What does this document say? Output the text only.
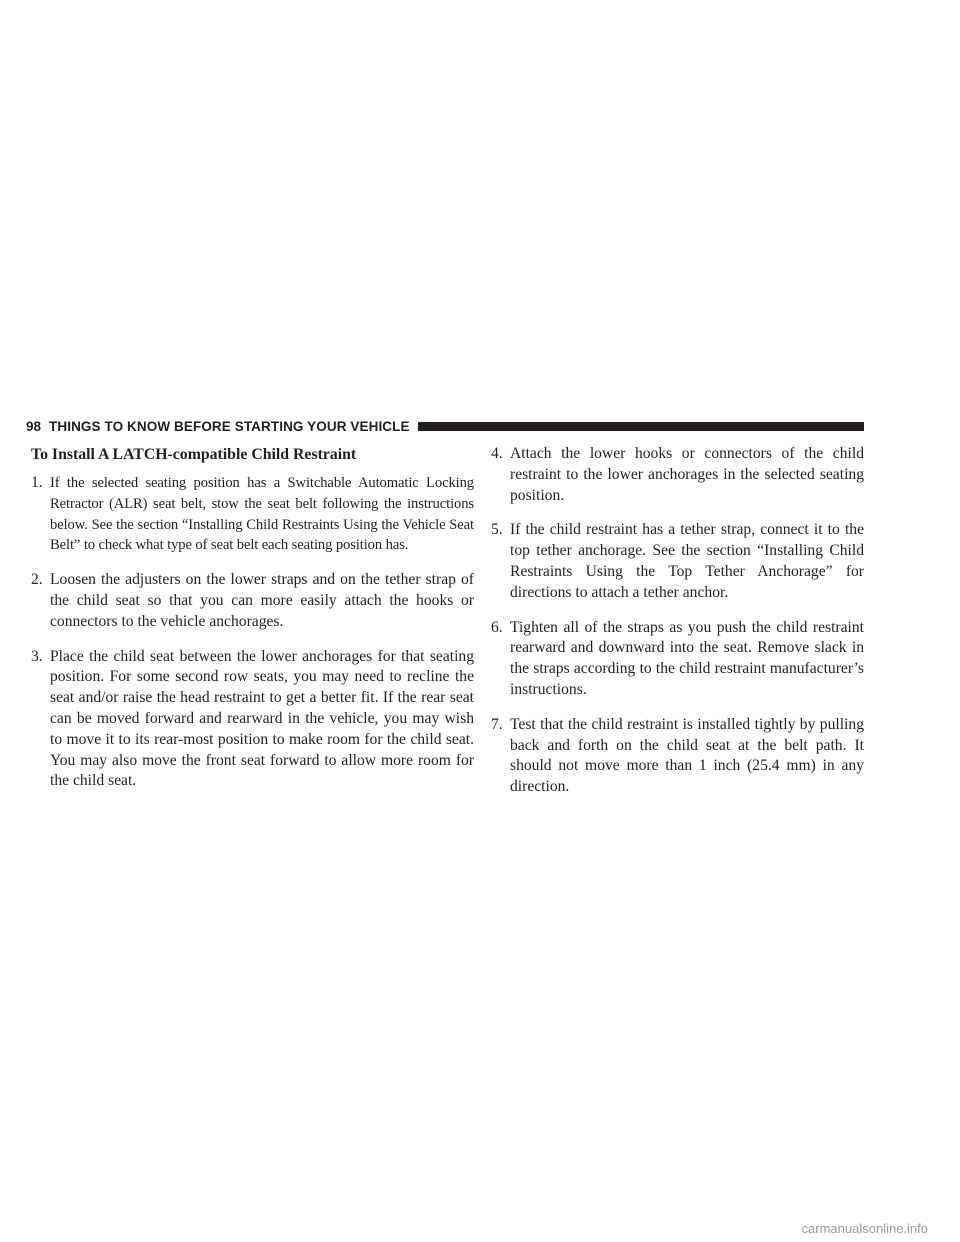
98 THINGS TO KNOW BEFORE STARTING YOUR VEHICLE
To Install A LATCH-compatible Child Restraint
1. If the selected seating position has a Switchable Automatic Locking Retractor (ALR) seat belt, stow the seat belt following the instructions below. See the section “Installing Child Restraints Using the Vehicle Seat Belt” to check what type of seat belt each seating position has.
2. Loosen the adjusters on the lower straps and on the tether strap of the child seat so that you can more easily attach the hooks or connectors to the vehicle anchorages.
3. Place the child seat between the lower anchorages for that seating position. For some second row seats, you may need to recline the seat and/or raise the head restraint to get a better fit. If the rear seat can be moved forward and rearward in the vehicle, you may wish to move it to its rear-most position to make room for the child seat. You may also move the front seat forward to allow more room for the child seat.
4. Attach the lower hooks or connectors of the child restraint to the lower anchorages in the selected seating position.
5. If the child restraint has a tether strap, connect it to the top tether anchorage. See the section “Installing Child Restraints Using the Top Tether Anchorage” for directions to attach a tether anchor.
6. Tighten all of the straps as you push the child restraint rearward and downward into the seat. Remove slack in the straps according to the child restraint manufacturer’s instructions.
7. Test that the child restraint is installed tightly by pulling back and forth on the child seat at the belt path. It should not move more than 1 inch (25.4 mm) in any direction.
carmanualsonline.info
